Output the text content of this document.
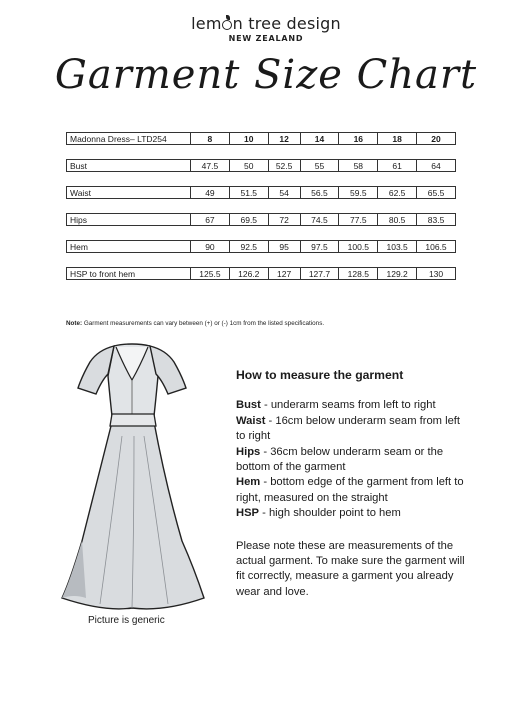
lem n tree design
NEW ZEALAND
Garment Size Chart
Madonna Dress– LTD254	8	10	12	14	16	18	20

Bust	47.5	50	52.5	55	58	61	64

Waist	49	51.5	54	56.5	59.5	62.5	65.5

Hips	67	69.5	72	74.5	77.5	80.5	83.5

Hem	90	92.5	95	97.5	100.5	103.5	106.5

HSP to front hem	125.5	126.2	127	127.7	128.5	129.2	130
Note: Garment measurements can vary between (+) or (-) 1cm from the listed specifications.
Picture is generic
How to measure the garment

Bust - underarm seams from left to right

Waist - 16cm below underarm seam from left to right

Hips - 36cm below underarm seam or the bottom of the garment

Hem - bottom edge of the garment from left to right, measured on the straight

HSP - high shoulder point to hem

Please note these are measurements of the actual garment. To make sure the garment will fit correctly, measure a garment you already wear and love.
